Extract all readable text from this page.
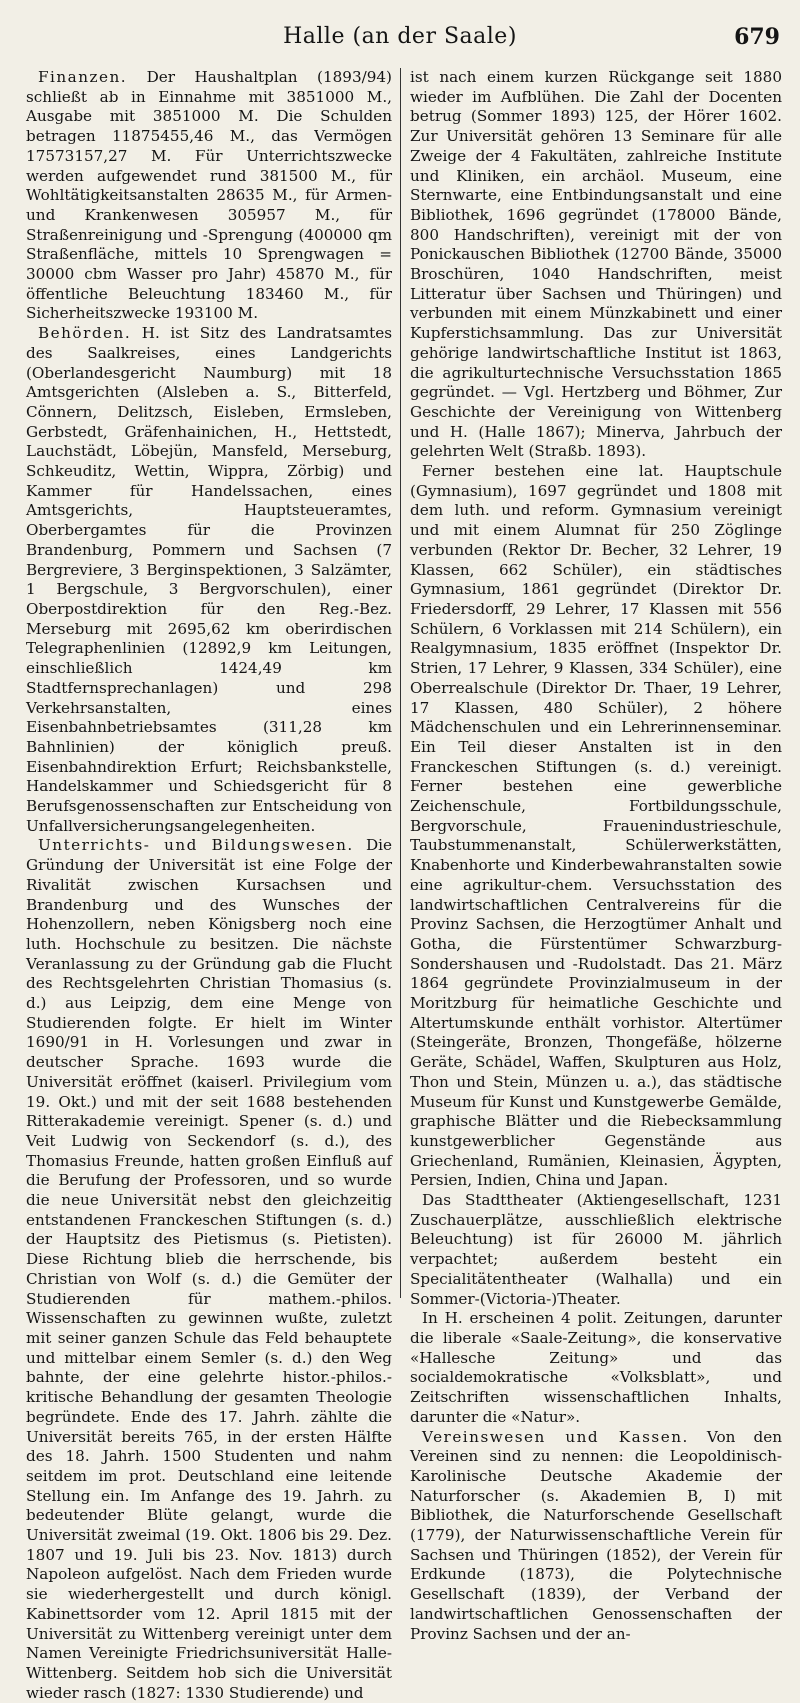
Halle (an der Saale)	679

Finanzen. Der Haushaltplan (1893/94) schließt ab in Einnahme mit 3851000 M., Ausgabe mit 3851000 M. Die Schulden betragen 11875455,46 M., das Vermögen 17573157,27 M. Für Unterrichtszwecke werden aufgewendet rund 381500 M., für Wohltätigkeitsanstalten 28635 M., für Armen- und Krankenwesen 305957 M., für Straßenreinigung und -Sprengung (400000 qm Straßenfläche, mittels 10 Sprengwagen = 30000 cbm Wasser pro Jahr) 45870 M., für öffentliche Beleuchtung 183460 M., für Sicherheitszwecke 193100 M.

Behörden. H. ist Sitz des Landratsamtes des Saalkreises, eines Landgerichts (Oberlandesgericht Naumburg) mit 18 Amtsgerichten (Alsleben a. S., Bitterfeld, Cönnern, Delitzsch, Eisleben, Ermsleben, Gerbstedt, Gräfenhainichen, H., Hettstedt, Lauchstädt, Löbejün, Mansfeld, Merseburg, Schkeuditz, Wettin, Wippra, Zörbig) und Kammer für Handelssachen, eines Amtsgerichts, Hauptsteueramtes, Oberbergamtes für die Provinzen Brandenburg, Pommern und Sachsen (7 Bergreviere, 3 Berginspektionen, 3 Salzämter, 1 Bergschule, 3 Bergvorschulen), einer Oberpostdirektion für den Reg.-Bez. Merseburg mit 2695,62 km oberirdischen Telegraphenlinien (12892,9 km Leitungen, einschließlich 1424,49 km Stadtfernsprechanlagen) und 298 Verkehrsanstalten, eines Eisenbahnbetriebsamtes (311,28 km Bahnlinien) der königlich preuß. Eisenbahndirektion Erfurt; Reichsbankstelle, Handelskammer und Schiedsgericht für 8 Berufsgenossenschaften zur Entscheidung von Unfallversicherungsangelegenheiten.

Unterrichts- und Bildungswesen. Die Gründung der Universität ist eine Folge der Rivalität zwischen Kursachsen und Brandenburg und des Wunsches der Hohenzollern, neben Königsberg noch eine luth. Hochschule zu besitzen. Die nächste Veranlassung zu der Gründung gab die Flucht des Rechtsgelehrten Christian Thomasius (s. d.) aus Leipzig, dem eine Menge von Studierenden folgte. Er hielt im Winter 1690/91 in H. Vorlesungen und zwar in deutscher Sprache. 1693 wurde die Universität eröffnet (kaiserl. Privilegium vom 19. Okt.) und mit der seit 1688 bestehenden Ritterakademie vereinigt. Spener (s. d.) und Veit Ludwig von Seckendorf (s. d.), des Thomasius Freunde, hatten großen Einfluß auf die Berufung der Professoren, und so wurde die neue Universität nebst den gleichzeitig entstandenen Franckeschen Stiftungen (s. d.) der Hauptsitz des Pietismus (s. Pietisten). Diese Richtung blieb die herrschende, bis Christian von Wolf (s. d.) die Gemüter der Studierenden für mathem.-philos. Wissenschaften zu gewinnen wußte, zuletzt mit seiner ganzen Schule das Feld behauptete und mittelbar einem Semler (s. d.) den Weg bahnte, der eine gelehrte histor.-philos.-kritische Behandlung der gesamten Theologie begründete. Ende des 17. Jahrh. zählte die Universität bereits 765, in der ersten Hälfte des 18. Jahrh. 1500 Studenten und nahm seitdem im prot. Deutschland eine leitende Stellung ein. Im Anfange des 19. Jahrh. zu bedeutender Blüte gelangt, wurde die Universität zweimal (19. Okt. 1806 bis 29. Dez. 1807 und 19. Juli bis 23. Nov. 1813) durch Napoleon aufgelöst. Nach dem Frieden wurde sie wiederhergestellt und durch königl. Kabinettsorder vom 12. April 1815 mit der Universität zu Wittenberg vereinigt unter dem Namen Vereinigte Friedrichsuniversität Halle-Wittenberg. Seitdem hob sich die Universität wieder rasch (1827: 1330 Studierende) und

ist nach einem kurzen Rückgange seit 1880 wieder im Aufblühen. Die Zahl der Docenten betrug (Sommer 1893) 125, der Hörer 1602. Zur Universität gehören 13 Seminare für alle Zweige der 4 Fakultäten, zahlreiche Institute und Kliniken, ein archäol. Museum, eine Sternwarte, eine Entbindungsanstalt und eine Bibliothek, 1696 gegründet (178000 Bände, 800 Handschriften), vereinigt mit der von Ponickauschen Bibliothek (12700 Bände, 35000 Broschüren, 1040 Handschriften, meist Litteratur über Sachsen und Thüringen) und verbunden mit einem Münzkabinett und einer Kupferstichsammlung. Das zur Universität gehörige landwirtschaftliche Institut ist 1863, die agrikulturtechnische Versuchsstation 1865 gegründet. — Vgl. Hertzberg und Böhmer, Zur Geschichte der Vereinigung von Wittenberg und H. (Halle 1867); Minerva, Jahrbuch der gelehrten Welt (Straßb. 1893).

Ferner bestehen eine lat. Hauptschule (Gymnasium), 1697 gegründet und 1808 mit dem luth. und reform. Gymnasium vereinigt und mit einem Alumnat für 250 Zöglinge verbunden (Rektor Dr. Becher, 32 Lehrer, 19 Klassen, 662 Schüler), ein städtisches Gymnasium, 1861 gegründet (Direktor Dr. Friedersdorff, 29 Lehrer, 17 Klassen mit 556 Schülern, 6 Vorklassen mit 214 Schülern), ein Realgymnasium, 1835 eröffnet (Inspektor Dr. Strien, 17 Lehrer, 9 Klassen, 334 Schüler), eine Oberrealschule (Direktor Dr. Thaer, 19 Lehrer, 17 Klassen, 480 Schüler), 2 höhere Mädchenschulen und ein Lehrerinnenseminar. Ein Teil dieser Anstalten ist in den Franckeschen Stiftungen (s. d.) vereinigt. Ferner bestehen eine gewerbliche Zeichenschule, Fortbildungsschule, Bergvorschule, Frauenindustrieschule, Taubstummenanstalt, Schülerwerkstätten, Knabenhorte und Kinderbewahranstalten sowie eine agrikultur-chem. Versuchsstation des landwirtschaftlichen Centralvereins für die Provinz Sachsen, die Herzogtümer Anhalt und Gotha, die Fürstentümer Schwarzburg-Sondershausen und -Rudolstadt. Das 21. März 1864 gegründete Provinzialmuseum in der Moritzburg für heimatliche Geschichte und Altertumskunde enthält vorhistor. Altertümer (Steingeräte, Bronzen, Thongefäße, hölzerne Geräte, Schädel, Waffen, Skulpturen aus Holz, Thon und Stein, Münzen u. a.), das städtische Museum für Kunst und Kunstgewerbe Gemälde, graphische Blätter und die Riebecksammlung kunstgewerblicher Gegenstände aus Griechenland, Rumänien, Kleinasien, Ägypten, Persien, Indien, China und Japan.

Das Stadttheater (Aktiengesellschaft, 1231 Zuschauerplätze, ausschließlich elektrische Beleuchtung) ist für 26000 M. jährlich verpachtet; außerdem besteht ein Specialitätentheater (Walhalla) und ein Sommer-(Victoria-)Theater.

In H. erscheinen 4 polit. Zeitungen, darunter die liberale «Saale-Zeitung», die konservative «Hallesche Zeitung» und das socialdemokratische «Volksblatt», und Zeitschriften wissenschaftlichen Inhalts, darunter die «Natur».

Vereinswesen und Kassen. Von den Vereinen sind zu nennen: die Leopoldinisch-Karolinische Deutsche Akademie der Naturforscher (s. Akademien B, I) mit Bibliothek, die Naturforschende Gesellschaft (1779), der Naturwissenschaftliche Verein für Sachsen und Thüringen (1852), der Verein für Erdkunde (1873), die Polytechnische Gesellschaft (1839), der Verband der landwirtschaftlichen Genossenschaften der Provinz Sachsen und der an-
